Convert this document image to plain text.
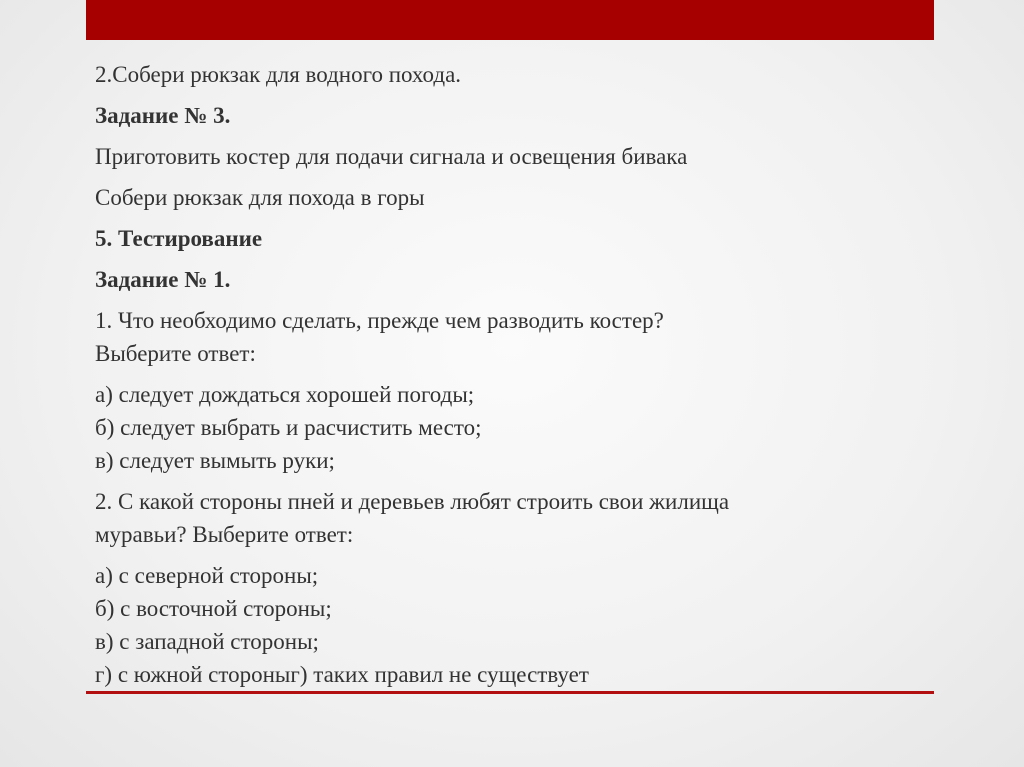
2.Собери рюкзак для водного похода.

Задание № 3.

Приготовить костер для подачи сигнала и освещения бивака

Собери рюкзак для похода в горы

5. Тестирование

Задание № 1.

1. Что необходимо сделать, прежде чем разводить костер?
Выберите ответ:

а) следует дождаться хорошей погоды;
б) следует выбрать и расчистить место;
в) следует вымыть руки;

2. С какой стороны пней и деревьев любят строить свои жилища
муравьи? Выберите ответ:

а) с северной стороны;
б) с восточной стороны;
в) с западной стороны;
г) с южной стороныг) таких правил не существует
